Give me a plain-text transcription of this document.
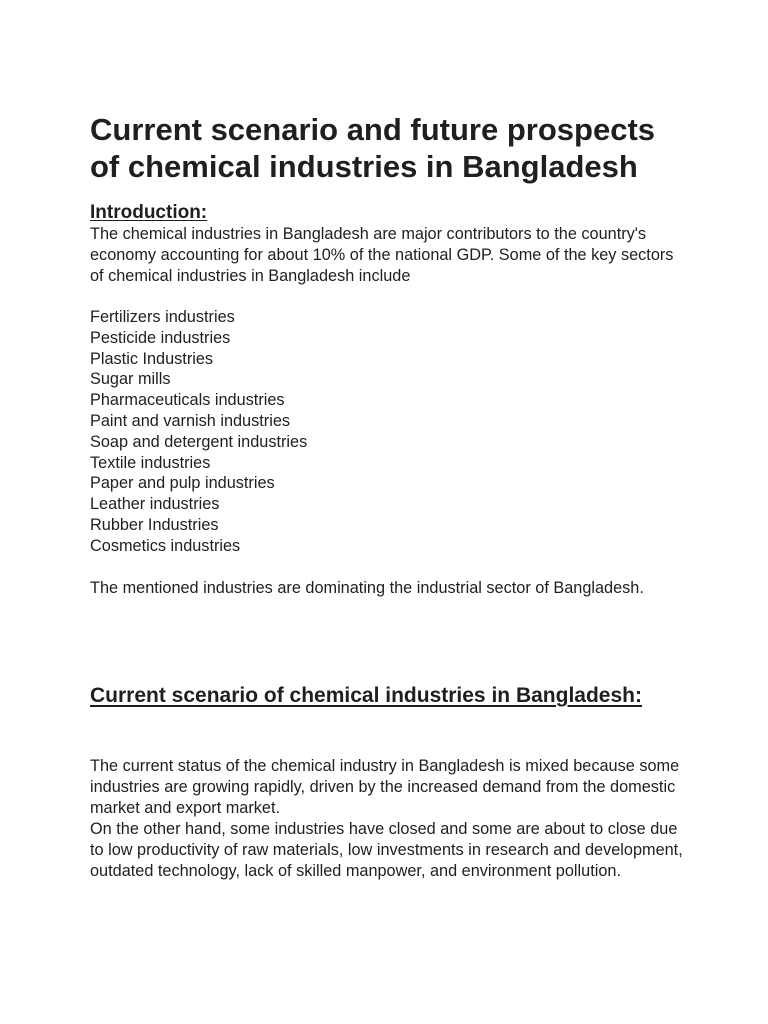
Current scenario and future prospects of chemical industries in Bangladesh
Introduction:

The chemical industries in Bangladesh are major contributors to the country's economy accounting for about 10% of the national GDP. Some of the key sectors of chemical industries in Bangladesh include

Fertilizers industries
Pesticide industries
Plastic Industries
Sugar mills
Pharmaceuticals industries
Paint and varnish industries
Soap and detergent industries
Textile industries
Paper and pulp industries
Leather industries
Rubber Industries
Cosmetics industries

The mentioned industries are dominating the industrial sector of Bangladesh.

Current scenario of chemical industries in Bangladesh:

The current status of the chemical industry in Bangladesh is mixed because some industries are growing rapidly, driven by the increased demand from the domestic market and export market.

On the other hand, some industries have closed and some are about to close due to low productivity of raw materials, low investments in research and development, outdated technology, lack of skilled manpower, and environment pollution.
